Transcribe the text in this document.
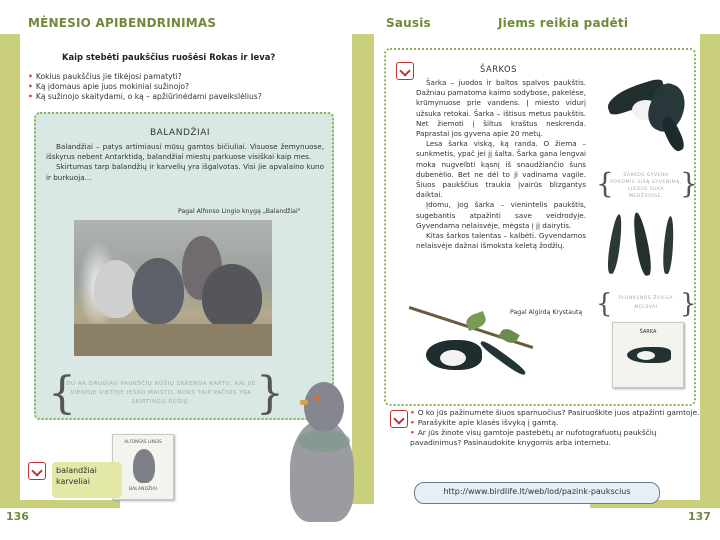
MĖNESIO APIBENDRINIMAS	Sausis	Jiems reikia padėti
Kaip stebėti paukščius ruošėsi Rokas ir Ieva?
• Kokius paukščius jie tikėjosi pamatyti?
• Ką įdomaus apie juos mokiniai sužinojo?
• Ką sužinojo skaitydami, o ką – apžiūrinėdami paveikslėlius?
BALANDŽIAI

Balandžiai – patys artimiausi mūsų gamtos bičiuliai. Visuose žemynuose, išskyrus nebent Antarktidą, balandžiai miestų parkuose visiškai kaip mes.

Skirtumas tarp balandžių ir karvelių yra išgalvotas. Visi jie apvalaino kuno ir burkuoja...

Pagal Alfonso Lingio knygą „Balandžiai"
{
DU AR DAUGIAU PAUKŠČIŲ RŪŠIŲ SKRENDA KARTU, KAI JIE VIENOJE VIETOJE IEŠKO MAISTO, NORS TAIP PAČIOS YRA SKIRTINGŲ RŪŠIŲ.	}
ALFONSAS LINGIS
BALANDŽIAI
balandžiai
karveliai
136
ŠARKOS

Šarka – juodos ir baltos spalvos paukštis. Dažniau pamatoma kaimo sodybose, pakelėse, krūmynuose prie vandens. Į miesto vidurį užsuka retokai. Šarka – ištisus metus paukštis. Net žiemoti į šiltus kraštus neskrenda. Paprastai jos gyvena apie 20 metų.

Lesa šarka viską, ką randa. O žiema – sunkmetis, ypač jei jį šalta. Šarka gana lengvai moka nugvelbti kąsnį iš snaudžiančio šuns dubenėlio. Bet ne dėl to ji vadinama vagile. Šiuos paukščius traukia įvairūs blizgantys daiktai.

Įdomu, jog šarka – vienintelis paukštis, sugebantis atpažinti save veidrodyje. Gyvendama nelaisvėje, mėgsta į jį dairytis.

Kitas šarkos talentas – kalbėti. Gyvendamos nelaisvėje dažnai išmoksta keletą žodžių.

Pagal Algirdą Krystautą
{	ŠARKOS GYVENA POROMIS VISĄ GYVENIMĄ, LIZDUS SUKA MEDŽIUOSE. }
{	PLUNKSNOS ŽVILGA MELSVAI }
ŠARKA
• O ko jūs pažinumėte šiuos sparnuočius? Pasiruoškite juos atpažinti gamtoje.
• Parašykite apie klasės išvyką į gamtą.
• Ar jūs žinote visų gamtoje pastebėtų ar nufotografuotų paukščių pavadinimus? Pasinaudokite knygomis arba internetu.
http://www.birdlife.lt/web/lod/pazink-paukscius
137
